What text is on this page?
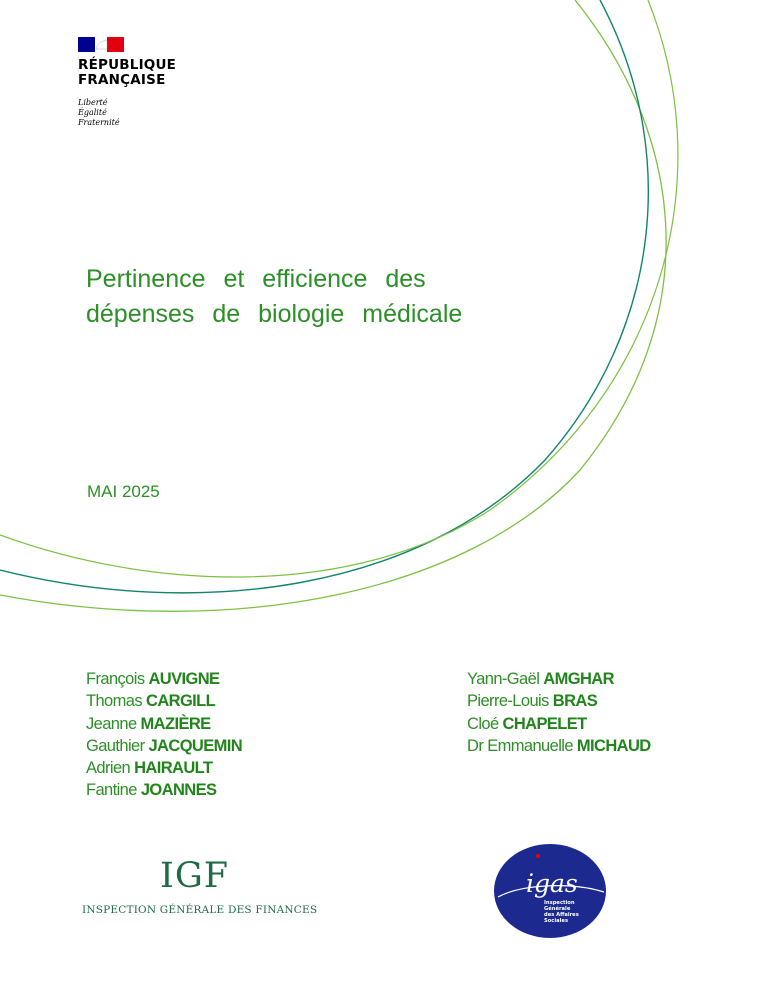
RÉPUBLIQUE
FRANÇAISE
Liberté
Égalité
Fraternité
Pertinence et efficience des dépenses de biologie médicale
MAI 2025
François AUVIGNE
Thomas CARGILL
Jeanne MAZIÈRE
Gauthier JACQUEMIN
Adrien HAIRAULT
Fantine JOANNES
Yann-Gaël AMGHAR
Pierre-Louis BRAS
Cloé CHAPELET
Dr Emmanuelle MICHAUD
IGF
INSPECTION GÉNÉRALE DES FINANCES
igas
Inspection
Générale
des Affaires
Sociales
